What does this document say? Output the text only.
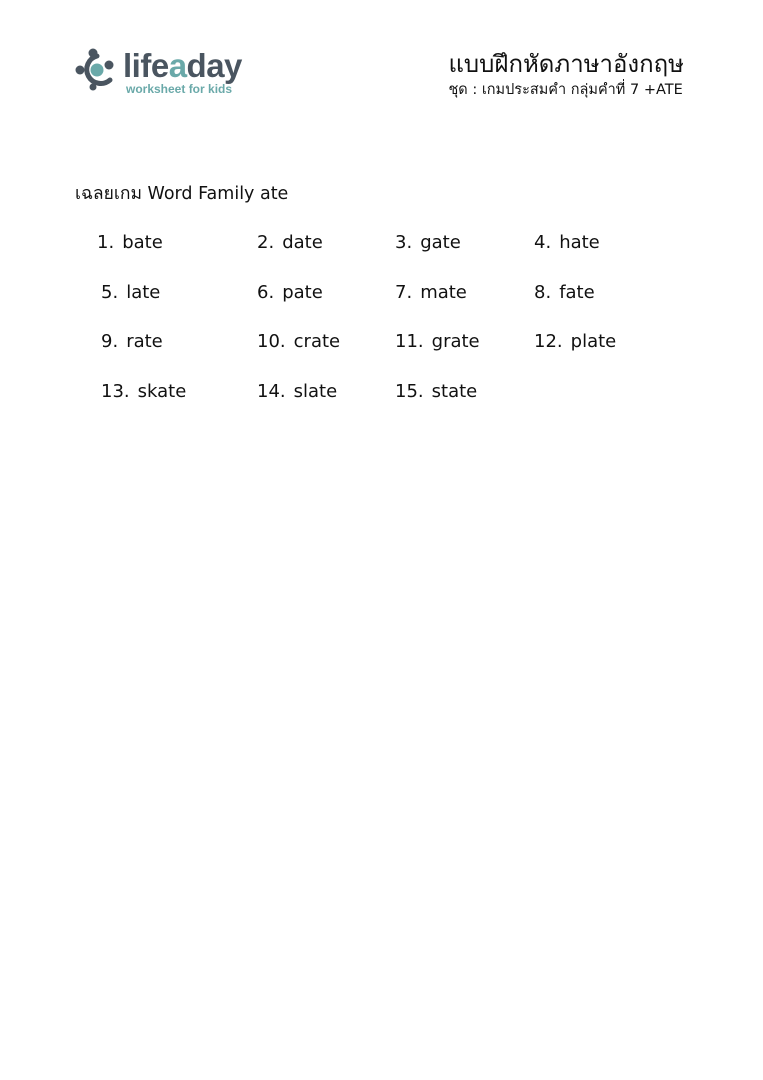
lifeaday
worksheet for kids
แบบฝึกหัดภาษาอังกฤษ
ชุด : เกมประสมคำ กลุ่มคำที่ 7 +ATE
เฉลยเกม Word Family ate
1. bate	2. date	3. gate	4. hate
5. late	6. pate	7. mate	8. fate
9. rate	10. crate	11. grate	12. plate
13. skate	14. slate	15. state
